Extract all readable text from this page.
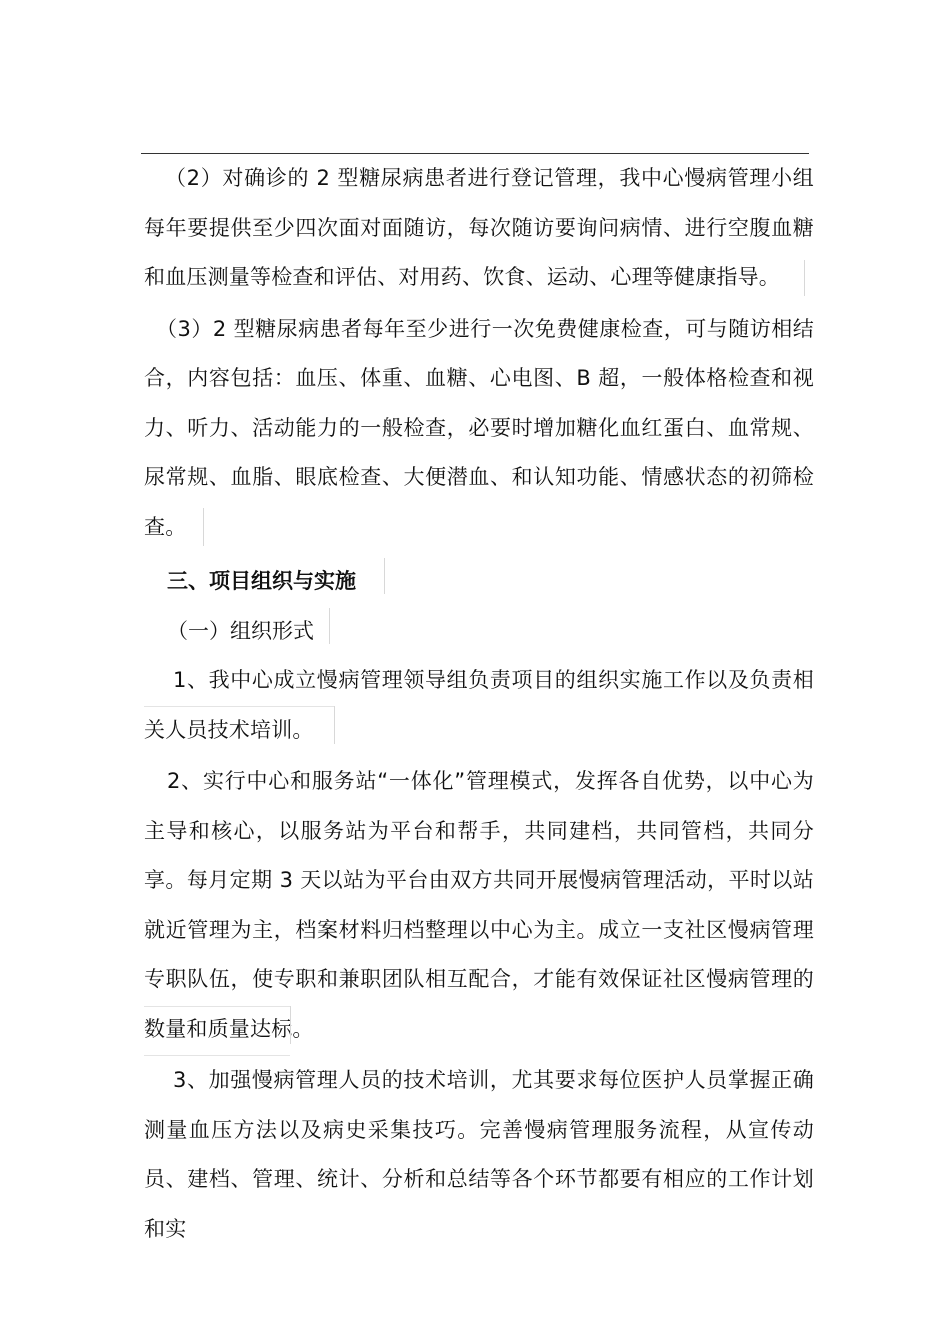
（2）对确诊的 2 型糖尿病患者进行登记管理，我中心慢病管理小组每年要提供至少四次面对面随访，每次随访要询问病情、进行空腹血糖和血压测量等检查和评估、对用药、饮食、运动、心理等健康指导。

（3）2 型糖尿病患者每年至少进行一次免费健康检查，可与随访相结合，内容包括：血压、体重、血糖、心电图、B 超，一般体格检查和视力、听力、活动能力的一般检查，必要时增加糖化血红蛋白、血常规、尿常规、血脂、眼底检查、大便潜血、和认知功能、情感状态的初筛检查。

三、项目组织与实施

（一）组织形式

1、我中心成立慢病管理领导组负责项目的组织实施工作以及负责相关人员技术培训。

2、实行中心和服务站“一体化”管理模式，发挥各自优势，以中心为主导和核心，以服务站为平台和帮手，共同建档，共同管档，共同分享。每月定期 3 天以站为平台由双方共同开展慢病管理活动，平时以站就近管理为主，档案材料归档整理以中心为主。成立一支社区慢病管理专职队伍，使专职和兼职团队相互配合，才能有效保证社区慢病管理的数量和质量达标。

3、加强慢病管理人员的技术培训，尤其要求每位医护人员掌握正确测量血压方法以及病史采集技巧。完善慢病管理服务流程，从宣传动员、建档、管理、统计、分析和总结等各个环节都要有相应的工作计划和实
